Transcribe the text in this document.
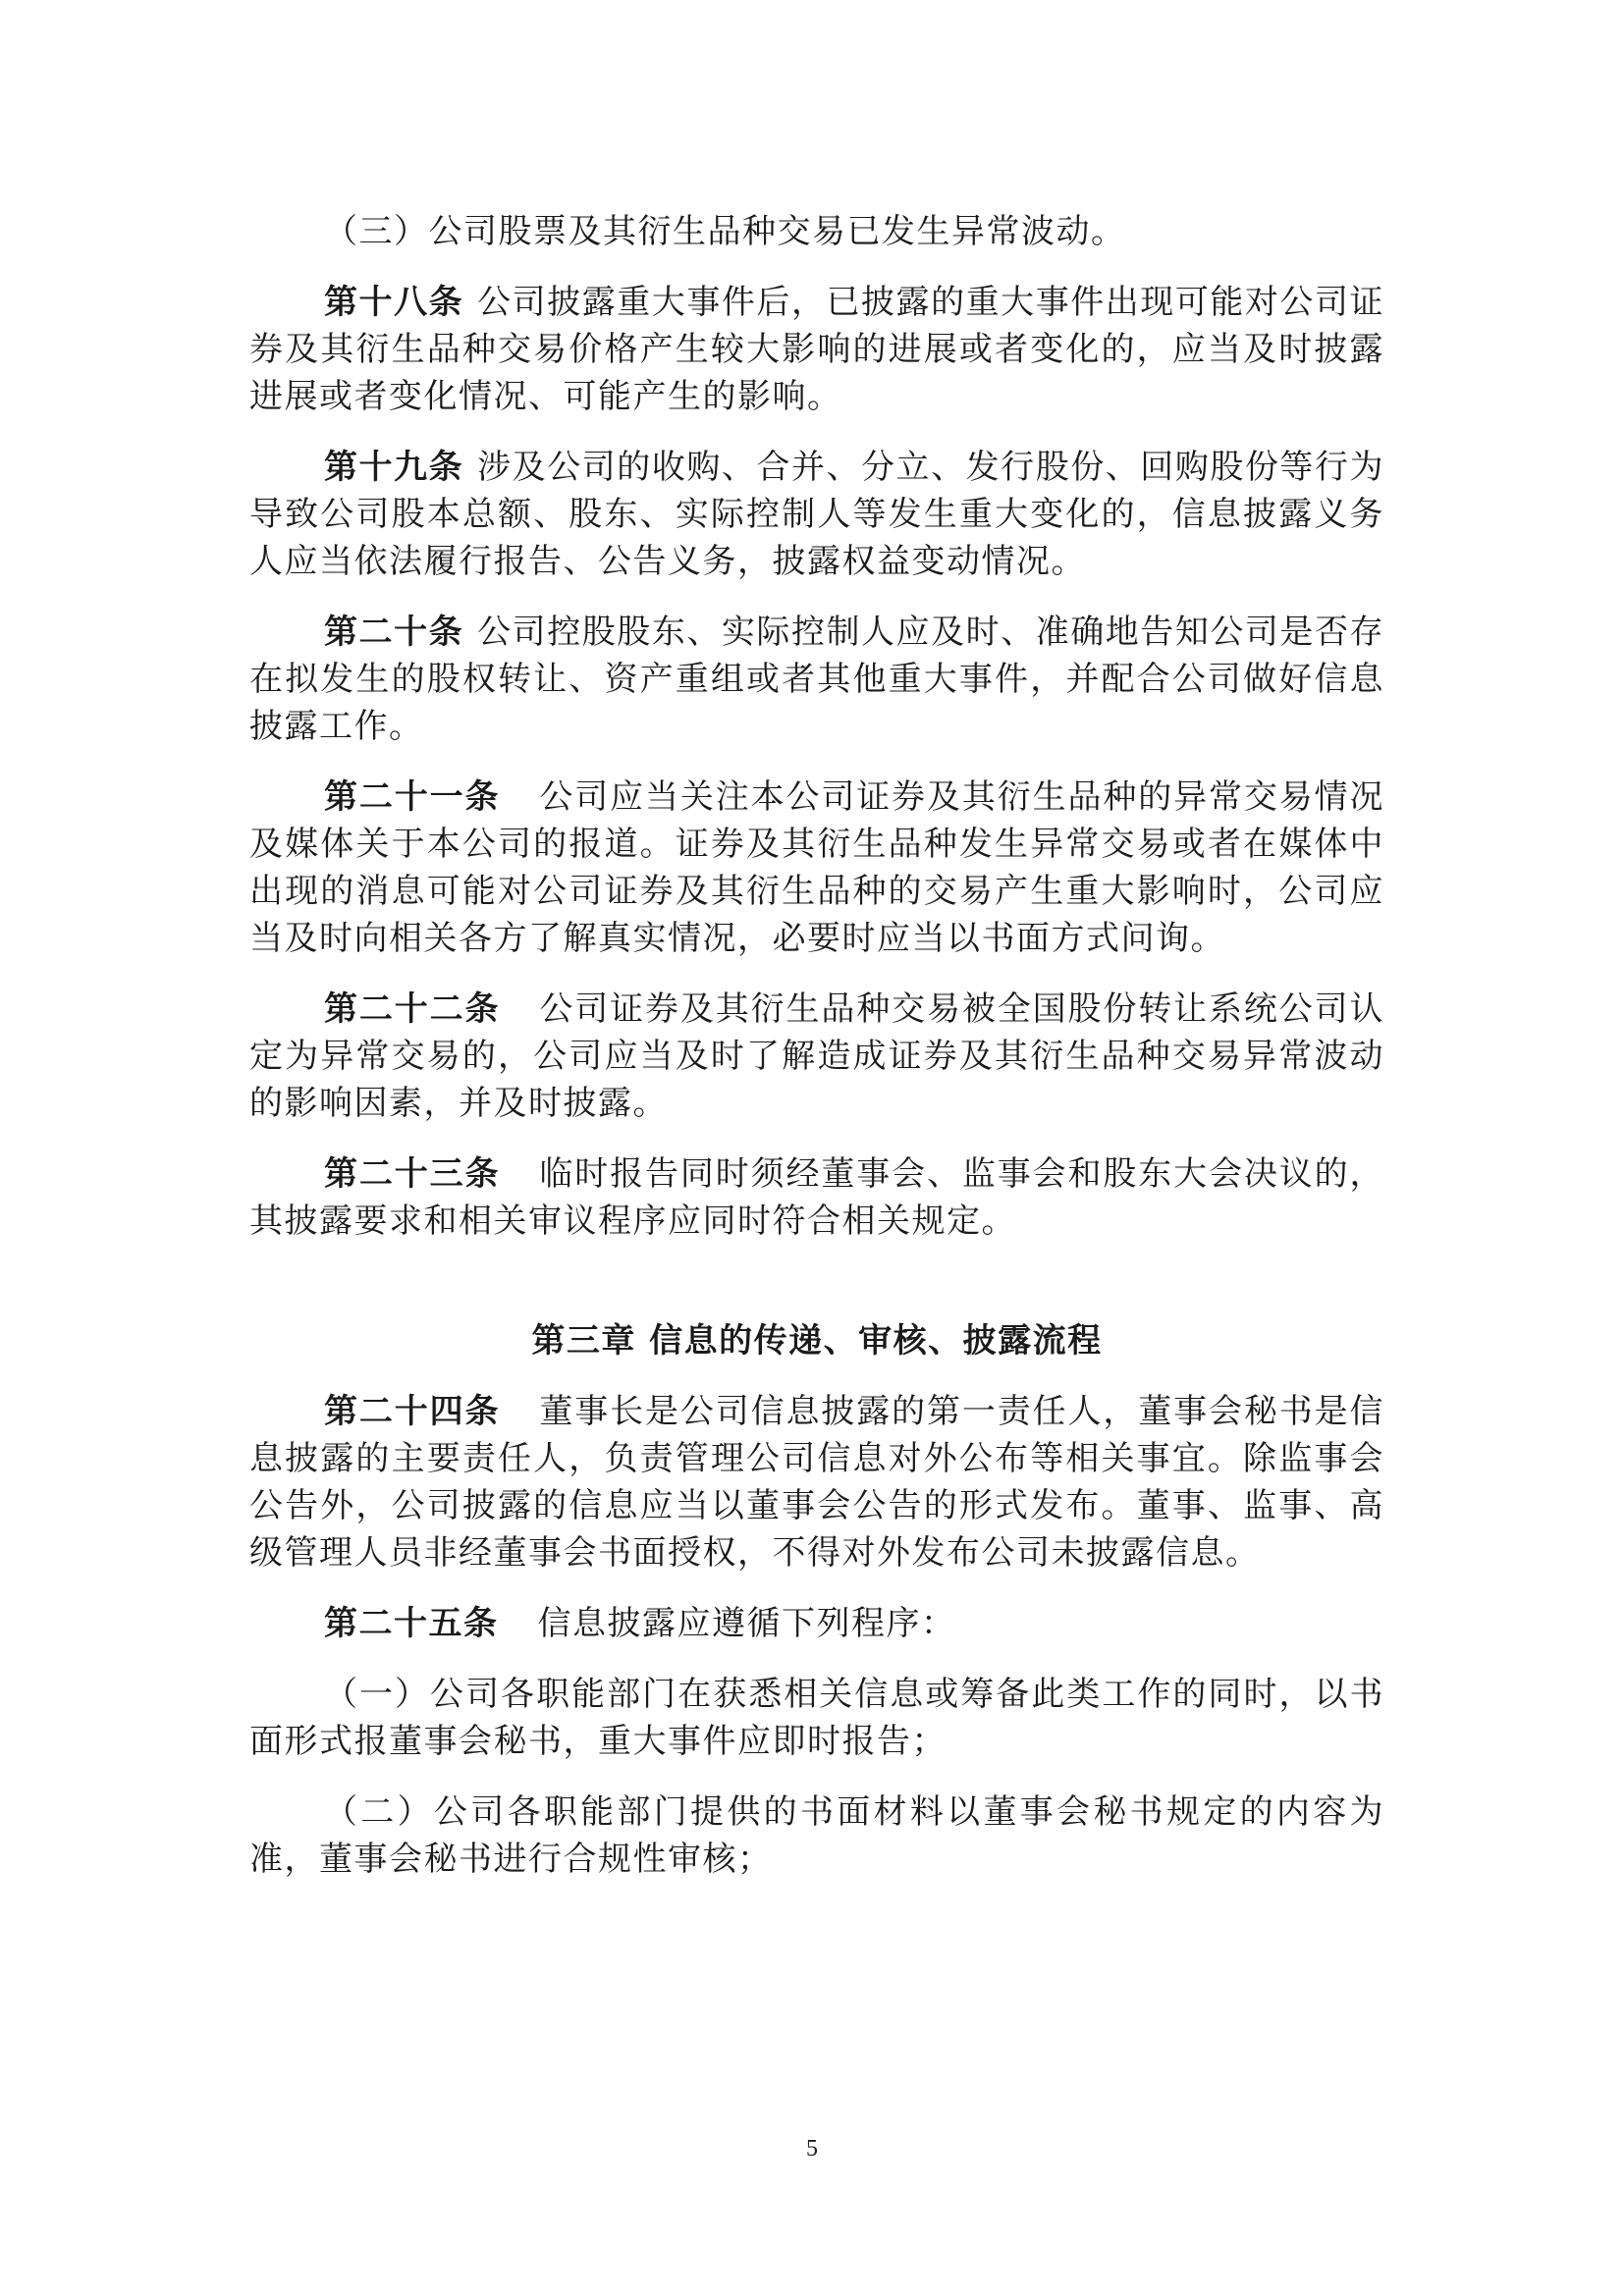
（三）公司股票及其衍生品种交易已发生异常波动。

第十八条 公司披露重大事件后，已披露的重大事件出现可能对公司证券及其衍生品种交易价格产生较大影响的进展或者变化的，应当及时披露进展或者变化情况、可能产生的影响。

第十九条 涉及公司的收购、合并、分立、发行股份、回购股份等行为导致公司股本总额、股东、实际控制人等发生重大变化的，信息披露义务人应当依法履行报告、公告义务，披露权益变动情况。

第二十条 公司控股股东、实际控制人应及时、准确地告知公司是否存在拟发生的股权转让、资产重组或者其他重大事件，并配合公司做好信息披露工作。

第二十一条 公司应当关注本公司证券及其衍生品种的异常交易情况及媒体关于本公司的报道。证券及其衍生品种发生异常交易或者在媒体中出现的消息可能对公司证券及其衍生品种的交易产生重大影响时，公司应当及时向相关各方了解真实情况，必要时应当以书面方式问询。

第二十二条 公司证券及其衍生品种交易被全国股份转让系统公司认定为异常交易的，公司应当及时了解造成证券及其衍生品种交易异常波动的影响因素，并及时披露。

第二十三条 临时报告同时须经董事会、监事会和股东大会决议的，其披露要求和相关审议程序应同时符合相关规定。

第三章 信息的传递、审核、披露流程

第二十四条 董事长是公司信息披露的第一责任人，董事会秘书是信息披露的主要责任人，负责管理公司信息对外公布等相关事宜。除监事会公告外，公司披露的信息应当以董事会公告的形式发布。董事、监事、高级管理人员非经董事会书面授权，不得对外发布公司未披露信息。

第二十五条 信息披露应遵循下列程序：

（一）公司各职能部门在获悉相关信息或筹备此类工作的同时，以书面形式报董事会秘书，重大事件应即时报告；

（二）公司各职能部门提供的书面材料以董事会秘书规定的内容为准，董事会秘书进行合规性审核；

5
